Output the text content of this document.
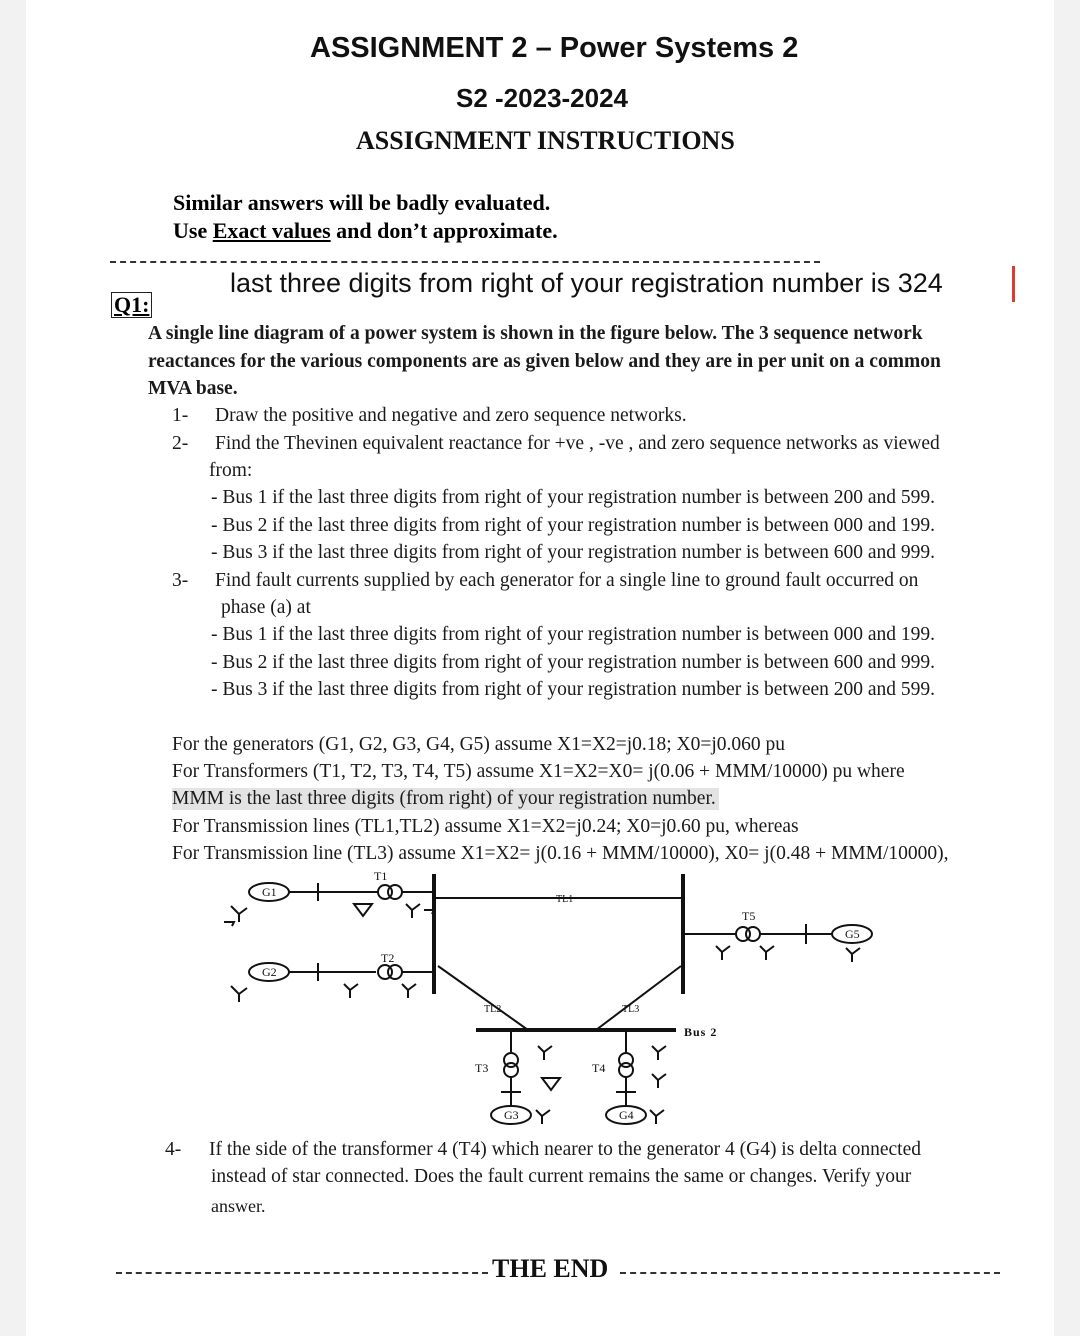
ASSIGNMENT 2 – Power Systems 2
S2 -2023-2024
ASSIGNMENT INSTRUCTIONS
Similar answers will be badly evaluated.
Use Exact values and don’t approximate.
last three digits from right of your registration number is 324
Q1:
A single line diagram of a power system is shown in the figure below. The 3 sequence network
reactances for the various components are as given below and they are in per unit on a common
MVA base.
1- Draw the positive and negative and zero sequence networks.
2- Find the Thevinen equivalent reactance for +ve , -ve , and zero sequence networks as viewed
from:
- Bus 1 if the last three digits from right of your registration number is between 200 and 599.
- Bus 2 if the last three digits from right of your registration number is between 000 and 199.
- Bus 3 if the last three digits from right of your registration number is between 600 and 999.
3- Find fault currents supplied by each generator for a single line to ground fault occurred on
phase (a) at
- Bus 1 if the last three digits from right of your registration number is between 000 and 199.
- Bus 2 if the last three digits from right of your registration number is between 600 and 999.
- Bus 3 if the last three digits from right of your registration number is between 200 and 599.
For the generators (G1, G2, G3, G4, G5) assume X1=X2=j0.18; X0=j0.060 pu
For Transformers (T1, T2, T3, T4, T5) assume X1=X2=X0= j(0.06 + MMM/10000) pu where
MMM is the last three digits (from right) of your registration number.
For Transmission lines (TL1,TL2) assume X1=X2=j0.24; X0=j0.60 pu, whereas
For Transmission line (TL3) assume X1=X2= j(0.16 + MMM/10000), X0= j(0.48 + MMM/10000),
G1
G2
G5
G3	G4
T1
T2
T5
T3	T4
TL1
TL2	TL3
Bus 2
4- If the side of the transformer 4 (T4) which nearer to the generator 4 (G4) is delta connected
instead of star connected. Does the fault current remains the same or changes. Verify your
answer.
THE END
